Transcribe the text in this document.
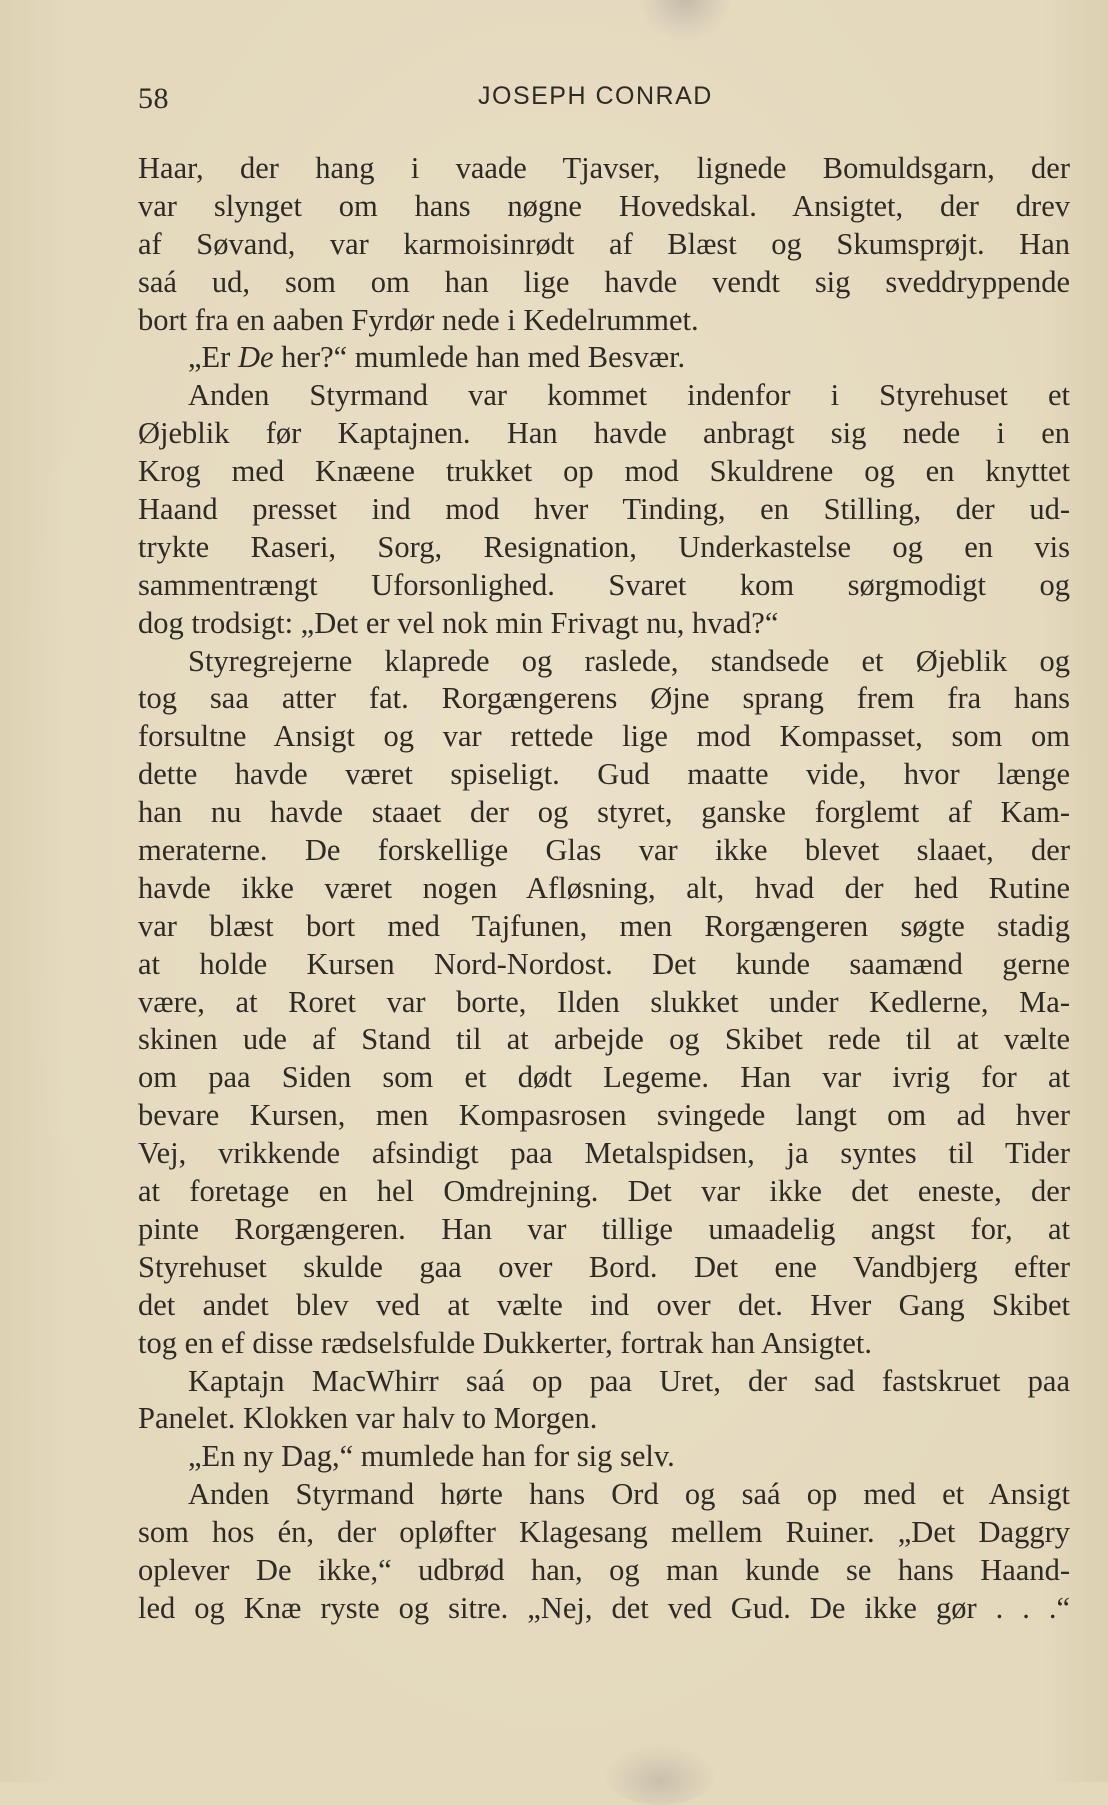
58	JOSEPH CONRAD
Haar, der hang i vaade Tjavser, lignede Bomuldsgarn, der
var slynget om hans nøgne Hovedskal. Ansigtet, der drev
af Søvand, var karmoisinrødt af Blæst og Skumsprøjt. Han
saá ud, som om han lige havde vendt sig sveddryppende
bort fra en aaben Fyrdør nede i Kedelrummet.
„Er De her?“ mumlede han med Besvær.
Anden Styrmand var kommet indenfor i Styrehuset et
Øjeblik før Kaptajnen. Han havde anbragt sig nede i en
Krog med Knæene trukket op mod Skuldrene og en knyttet
Haand presset ind mod hver Tinding, en Stilling, der ud-
trykte Raseri, Sorg, Resignation, Underkastelse og en vis
sammentrængt Uforsonlighed. Svaret kom sørgmodigt og
dog trodsigt: „Det er vel nok min Frivagt nu, hvad?“
Styregrejerne klaprede og raslede, standsede et Øjeblik og
tog saa atter fat. Rorgængerens Øjne sprang frem fra hans
forsultne Ansigt og var rettede lige mod Kompasset, som om
dette havde været spiseligt. Gud maatte vide, hvor længe
han nu havde staaet der og styret, ganske forglemt af Kam-
meraterne. De forskellige Glas var ikke blevet slaaet, der
havde ikke været nogen Afløsning, alt, hvad der hed Rutine
var blæst bort med Tajfunen, men Rorgængeren søgte stadig
at holde Kursen Nord-Nordost. Det kunde saamænd gerne
være, at Roret var borte, Ilden slukket under Kedlerne, Ma-
skinen ude af Stand til at arbejde og Skibet rede til at vælte
om paa Siden som et dødt Legeme. Han var ivrig for at
bevare Kursen, men Kompasrosen svingede langt om ad hver
Vej, vrikkende afsindigt paa Metalspidsen, ja syntes til Tider
at foretage en hel Omdrejning. Det var ikke det eneste, der
pinte Rorgængeren. Han var tillige umaadelig angst for, at
Styrehuset skulde gaa over Bord. Det ene Vandbjerg efter
det andet blev ved at vælte ind over det. Hver Gang Skibet
tog en ef disse rædselsfulde Dukkerter, fortrak han Ansigtet.
Kaptajn MacWhirr saá op paa Uret, der sad fastskruet paa
Panelet. Klokken var halv to Morgen.
„En ny Dag,“ mumlede han for sig selv.
Anden Styrmand hørte hans Ord og saá op med et Ansigt
som hos én, der opløfter Klagesang mellem Ruiner. „Det Daggry
oplever De ikke,“ udbrød han, og man kunde se hans Haand-
led og Knæ ryste og sitre. „Nej, det ved Gud. De ikke gør . . .“
